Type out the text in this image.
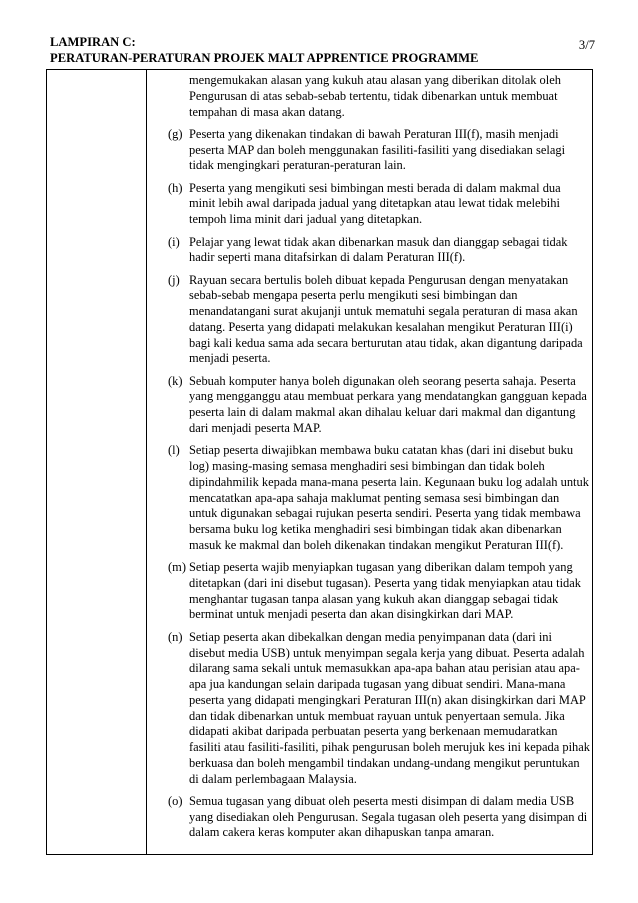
LAMPIRAN C:
PERATURAN-PERATURAN PROJEK MALT APPRENTICE PROGRAMME
3/7
mengemukakan alasan yang kukuh atau alasan yang diberikan ditolak oleh Pengurusan di atas sebab-sebab tertentu, tidak dibenarkan untuk membuat tempahan di masa akan datang.
(g) Peserta yang dikenakan tindakan di bawah Peraturan III(f), masih menjadi peserta MAP dan boleh menggunakan fasiliti-fasiliti yang disediakan selagi tidak mengingkari peraturan-peraturan lain.
(h) Peserta yang mengikuti sesi bimbingan mesti berada di dalam makmal dua minit lebih awal daripada jadual yang ditetapkan atau lewat tidak melebihi tempoh lima minit dari jadual yang ditetapkan.
(i) Pelajar yang lewat tidak akan dibenarkan masuk dan dianggap sebagai tidak hadir seperti mana ditafsirkan di dalam Peraturan III(f).
(j) Rayuan secara bertulis boleh dibuat kepada Pengurusan dengan menyatakan sebab-sebab mengapa peserta perlu mengikuti sesi bimbingan dan menandatangani surat akujanji untuk mematuhi segala peraturan di masa akan datang. Peserta yang didapati melakukan kesalahan mengikut Peraturan III(i) bagi kali kedua sama ada secara berturutan atau tidak, akan digantung daripada menjadi peserta.
(k) Sebuah komputer hanya boleh digunakan oleh seorang peserta sahaja. Peserta yang mengganggu atau membuat perkara yang mendatangkan gangguan kepada peserta lain di dalam makmal akan dihalau keluar dari makmal dan digantung dari menjadi peserta MAP.
(l) Setiap peserta diwajibkan membawa buku catatan khas (dari ini disebut buku log) masing-masing semasa menghadiri sesi bimbingan dan tidak boleh dipindahmilik kepada mana-mana peserta lain. Kegunaan buku log adalah untuk mencatatkan apa-apa sahaja maklumat penting semasa sesi bimbingan dan untuk digunakan sebagai rujukan peserta sendiri. Peserta yang tidak membawa bersama buku log ketika menghadiri sesi bimbingan tidak akan dibenarkan masuk ke makmal dan boleh dikenakan tindakan mengikut Peraturan III(f).
(m) Setiap peserta wajib menyiapkan tugasan yang diberikan dalam tempoh yang ditetapkan (dari ini disebut tugasan). Peserta yang tidak menyiapkan atau tidak menghantar tugasan tanpa alasan yang kukuh akan dianggap sebagai tidak berminat untuk menjadi peserta dan akan disingkirkan dari MAP.
(n) Setiap peserta akan dibekalkan dengan media penyimpanan data (dari ini disebut media USB) untuk menyimpan segala kerja yang dibuat. Peserta adalah dilarang sama sekali untuk memasukkan apa-apa bahan atau perisian atau apa-apa jua kandungan selain daripada tugasan yang dibuat sendiri. Mana-mana peserta yang didapati mengingkari Peraturan III(n) akan disingkirkan dari MAP dan tidak dibenarkan untuk membuat rayuan untuk penyertaan semula. Jika didapati akibat daripada perbuatan peserta yang berkenaan memudaratkan fasiliti atau fasiliti-fasiliti, pihak pengurusan boleh merujuk kes ini kepada pihak berkuasa dan boleh mengambil tindakan undang-undang mengikut peruntukan di dalam perlembagaan Malaysia.
(o) Semua tugasan yang dibuat oleh peserta mesti disimpan di dalam media USB yang disediakan oleh Pengurusan. Segala tugasan oleh peserta yang disimpan di dalam cakera keras komputer akan dihapuskan tanpa amaran.
